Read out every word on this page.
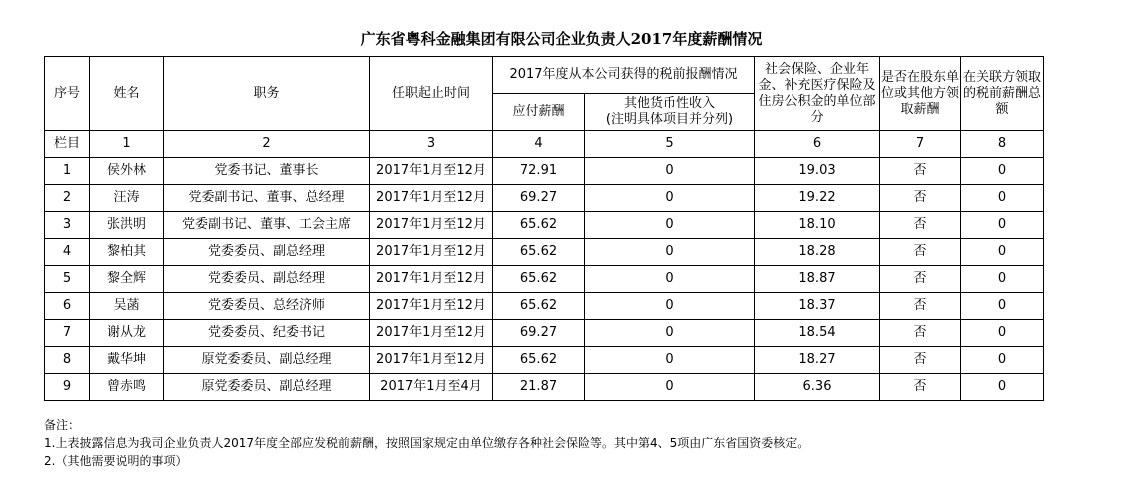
广东省粤科金融集团有限公司企业负责人2017年度薪酬情况
序号	姓名	职务	任职起止时间	2017年度从本公司获得的税前报酬情况		社会保险、企业年金、补充医疗保险及住房公积金的单位部分	是否在股东单位或其他方领取薪酬	在关联方领取的税前薪酬总额
				应付薪酬	其他货币性收入
(注明具体项目并分列)			
栏目	1	2	3	4	5	6	7	8
1	侯外林	党委书记、董事长	2017年1月至12月	72.91	0	19.03	否	0
2	汪涛	党委副书记、董事、总经理	2017年1月至12月	69.27	0	19.22	否	0
3	张洪明	党委副书记、董事、工会主席	2017年1月至12月	65.62	0	18.10	否	0
4	黎柏其	党委委员、副总经理	2017年1月至12月	65.62	0	18.28	否	0
5	黎全辉	党委委员、副总经理	2017年1月至12月	65.62	0	18.87	否	0
6	吴菡	党委委员、总经济师	2017年1月至12月	65.62	0	18.37	否	0
7	谢从龙	党委委员、纪委书记	2017年1月至12月	69.27	0	18.54	否	0
8	戴华坤	原党委委员、副总经理	2017年1月至12月	65.62	0	18.27	否	0
9	曾赤鸣	原党委委员、副总经理	2017年1月至4月	21.87	0	6.36	否	0
备注：
1.上表披露信息为我司企业负责人2017年度全部应发税前薪酬，按照国家规定由单位缴存各种社会保险等。其中第4、5项由广东省国资委核定。
2.（其他需要说明的事项）
